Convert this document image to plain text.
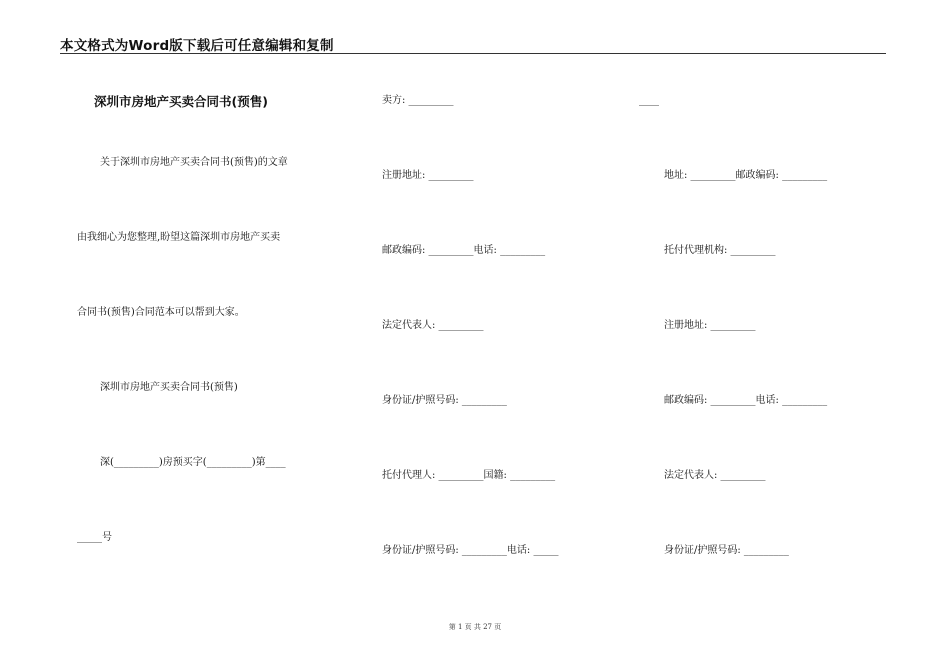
本文格式为Word版下载后可任意编辑和复制
深圳市房地产买卖合同书(预售)
关于深圳市房地产买卖合同书(预售)的文章
由我细心为您整理,盼望这篇深圳市房地产买卖
合同书(预售)合同范本可以帮到大家。
深圳市房地产买卖合同书(预售)
深(_________)房预买字(_________)第____
_____号
卖方: _________
注册地址: _________
邮政编码: _________电话: _________
法定代表人: _________
身份证/护照号码: _________
托付代理人: _________国籍: _________
身份证/护照号码: _________电话: _____
____
地址: _________邮政编码: _________
托付代理机构: _________
注册地址: _________
邮政编码: _________电话: _________
法定代表人: _________
身份证/护照号码: _________
第 1 页 共 27 页
